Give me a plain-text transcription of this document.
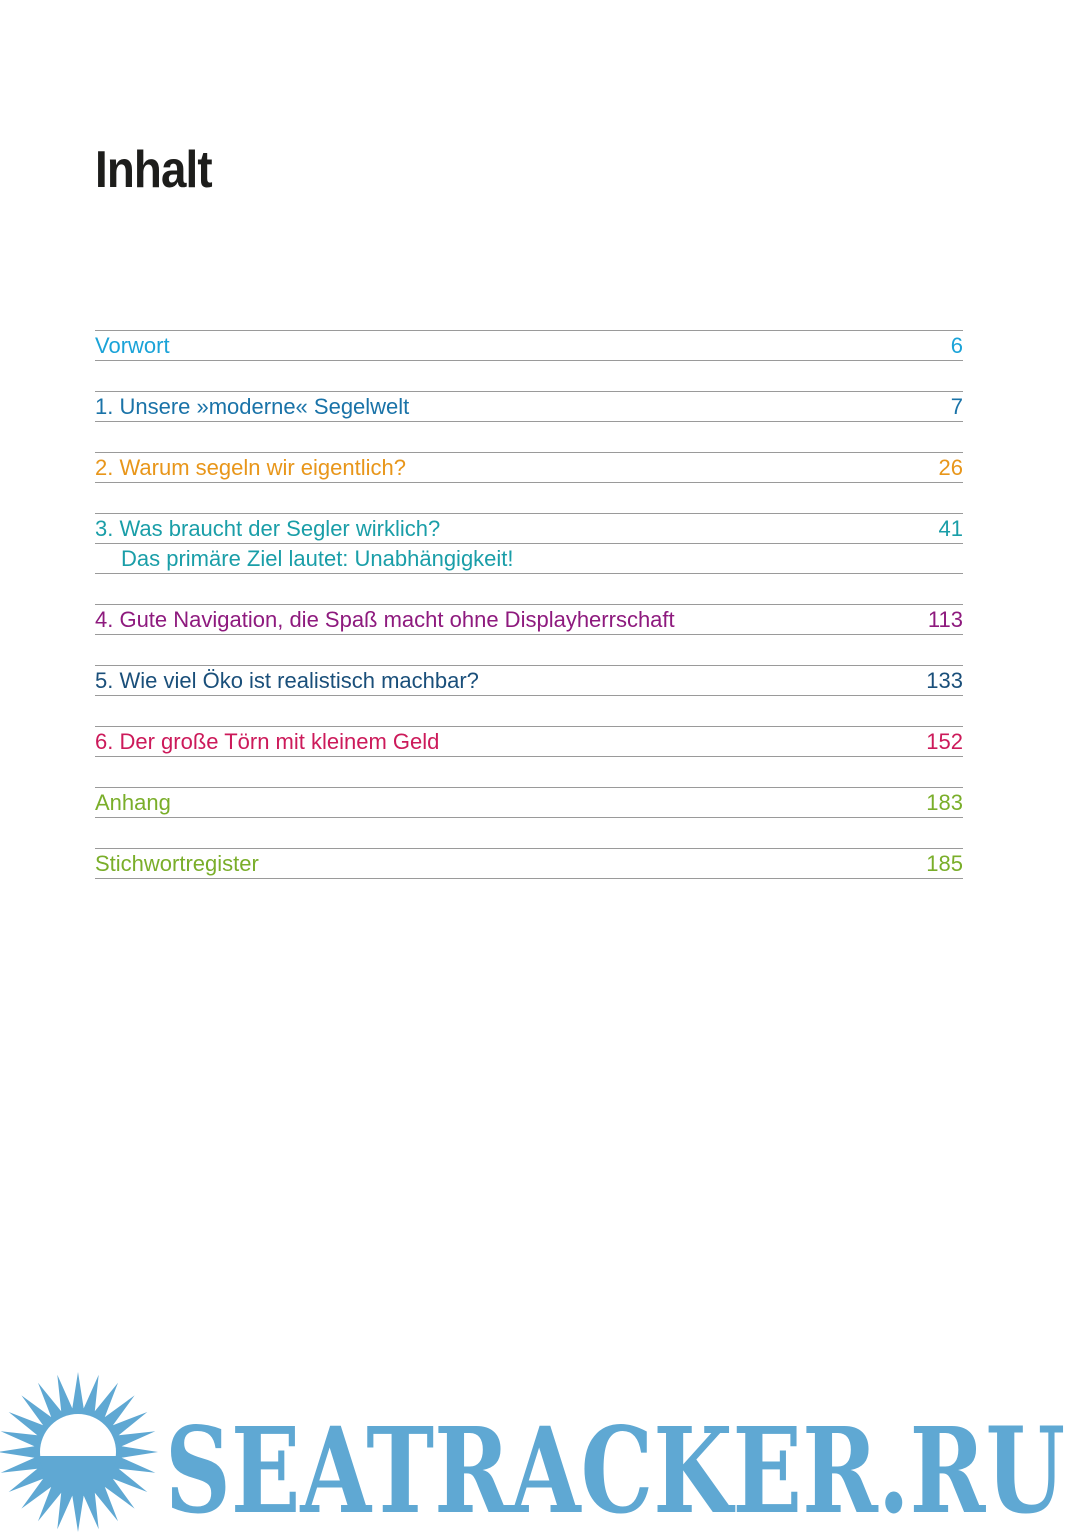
Inhalt
Vorwort	6
1. Unsere »moderne« Segelwelt	7
2. Warum segeln wir eigentlich?	26
3. Was braucht der Segler wirklich?	41
Das primäre Ziel lautet: Unabhängigkeit!
4. Gute Navigation, die Spaß macht ohne Displayherrschaft	113
5. Wie viel Öko ist realistisch machbar?	133
6. Der große Törn mit kleinem Geld	152
Anhang	183
Stichwortregister	185
SEATRACKER.RU
